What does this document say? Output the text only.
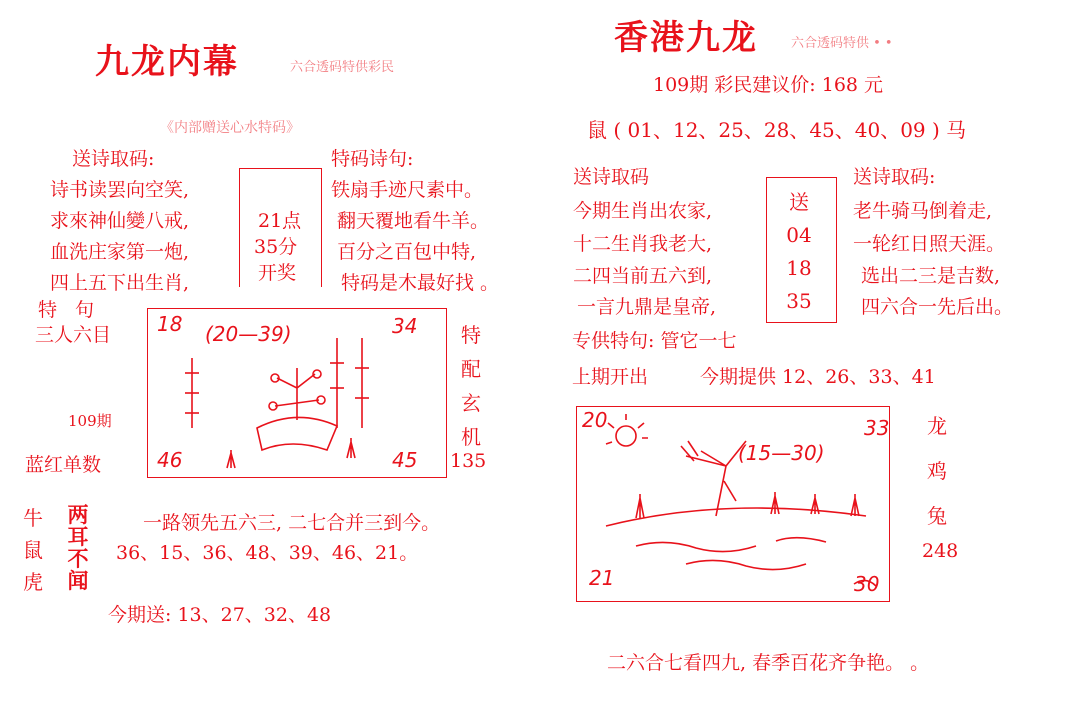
九龙内幕	六合透码特供彩民
《内部赠送心水特码》
送诗取码:
诗书读罢向空笑,
求來神仙變八戒,
血洗庄家第一炮,
四上五下出生肖,
21点
35分
开奖
特码诗句:
铁扇手迹尺素中。
翻天覆地看牛羊。
百分之百包中特,
特码是木最好找 。
特 句
三人六目
109期
蓝红单数
18	34
46	45
(20—39)	特
配
玄
机
135
牛
鼠
虎
两
耳
不
闻
一路领先五六三, 二七合并三到今。
36、15、36、48、39、46、21。
今期送: 13、27、32、48
香港九龙	六合透码特供 • •
109期 彩民建议价: 168 元
鼠 ( 01、12、25、28、45、40、09 ) 马
送诗取码
今期生肖出农家,
十二生肖我老大,
二四当前五六到,
一言九鼎是皇帝,
送
04
18
35
送诗取码:
老牛骑马倒着走,
一轮红日照天涯。
选出二三是吉数,
四六合一先后出。
专供特句: 管它一七
上期开出	今期提供 12、26、33、41
20	33
21	30
(15—30)
龙
鸡
兔
248
二六合七看四九, 春季百花齐争艳。 。
